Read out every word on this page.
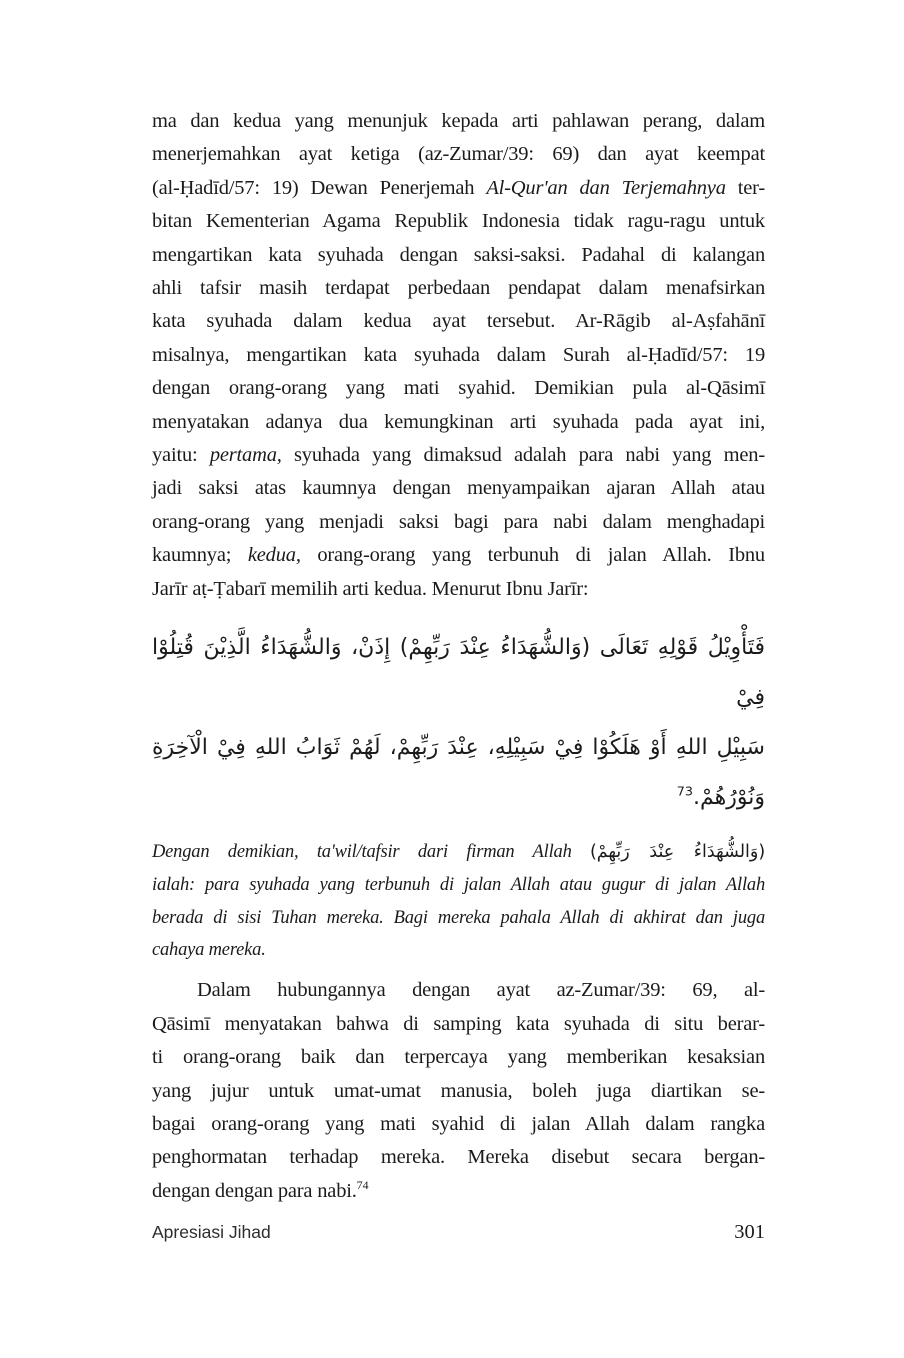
ma dan kedua yang menunjuk kepada arti pahlawan perang, dalam
menerjemahkan ayat ketiga (az-Zumar/39: 69) dan ayat keempat
(al-Ḥadīd/57: 19) Dewan Penerjemah Al-Qur'an dan Terjemahnya ter-
bitan Kementerian Agama Republik Indonesia tidak ragu-ragu untuk
mengartikan kata syuhada dengan saksi-saksi. Padahal di kalangan
ahli tafsir masih terdapat perbedaan pendapat dalam menafsirkan
kata syuhada dalam kedua ayat tersebut. Ar-Rāgib al-Aṣfahānī
misalnya, mengartikan kata syuhada dalam Surah al-Ḥadīd/57: 19
dengan orang-orang yang mati syahid. Demikian pula al-Qāsimī
menyatakan adanya dua kemungkinan arti syuhada pada ayat ini,
yaitu: pertama, syuhada yang dimaksud adalah para nabi yang men-
jadi saksi atas kaumnya dengan menyampaikan ajaran Allah atau
orang-orang yang menjadi saksi bagi para nabi dalam menghadapi
kaumnya; kedua, orang-orang yang terbunuh di jalan Allah. Ibnu
Jarīr aṭ-Ṭabarī memilih arti kedua. Menurut Ibnu Jarīr:
فَتَأْوِيْلُ قَوْلِهِ تَعَالَى (وَالشُّهَدَاءُ عِنْدَ رَبِّهِمْ) إِذَنْ، وَالشُّهَدَاءُ الَّذِيْنَ قُتِلُوْا فِيْ
سَبِيْلِ اللهِ أَوْ هَلَكُوْا فِيْ سَبِيْلِهِ، عِنْدَ رَبِّهِمْ، لَهُمْ ثَوَابُ اللهِ فِيْ الْآخِرَةِ
وَنُوْرُهُمْ.$^{73}$
Dengan demikian, ta'wil/tafsir dari firman Allah (وَالشُّهَدَاءُ عِنْدَ رَبِّهِمْ)
ialah: para syuhada yang terbunuh di jalan Allah atau gugur di jalan Allah
berada di sisi Tuhan mereka. Bagi mereka pahala Allah di akhirat dan juga
cahaya mereka.
Dalam hubungannya dengan ayat az-Zumar/39: 69, al-
Qāsimī menyatakan bahwa di samping kata syuhada di situ berar-
ti orang-orang baik dan terpercaya yang memberikan kesaksian
yang jujur untuk umat-umat manusia, boleh juga diartikan se-
bagai orang-orang yang mati syahid di jalan Allah dalam rangka
penghormatan terhadap mereka. Mereka disebut secara bergan-
dengan dengan para nabi.$^{74}$
Apresiasi Jihad	301
